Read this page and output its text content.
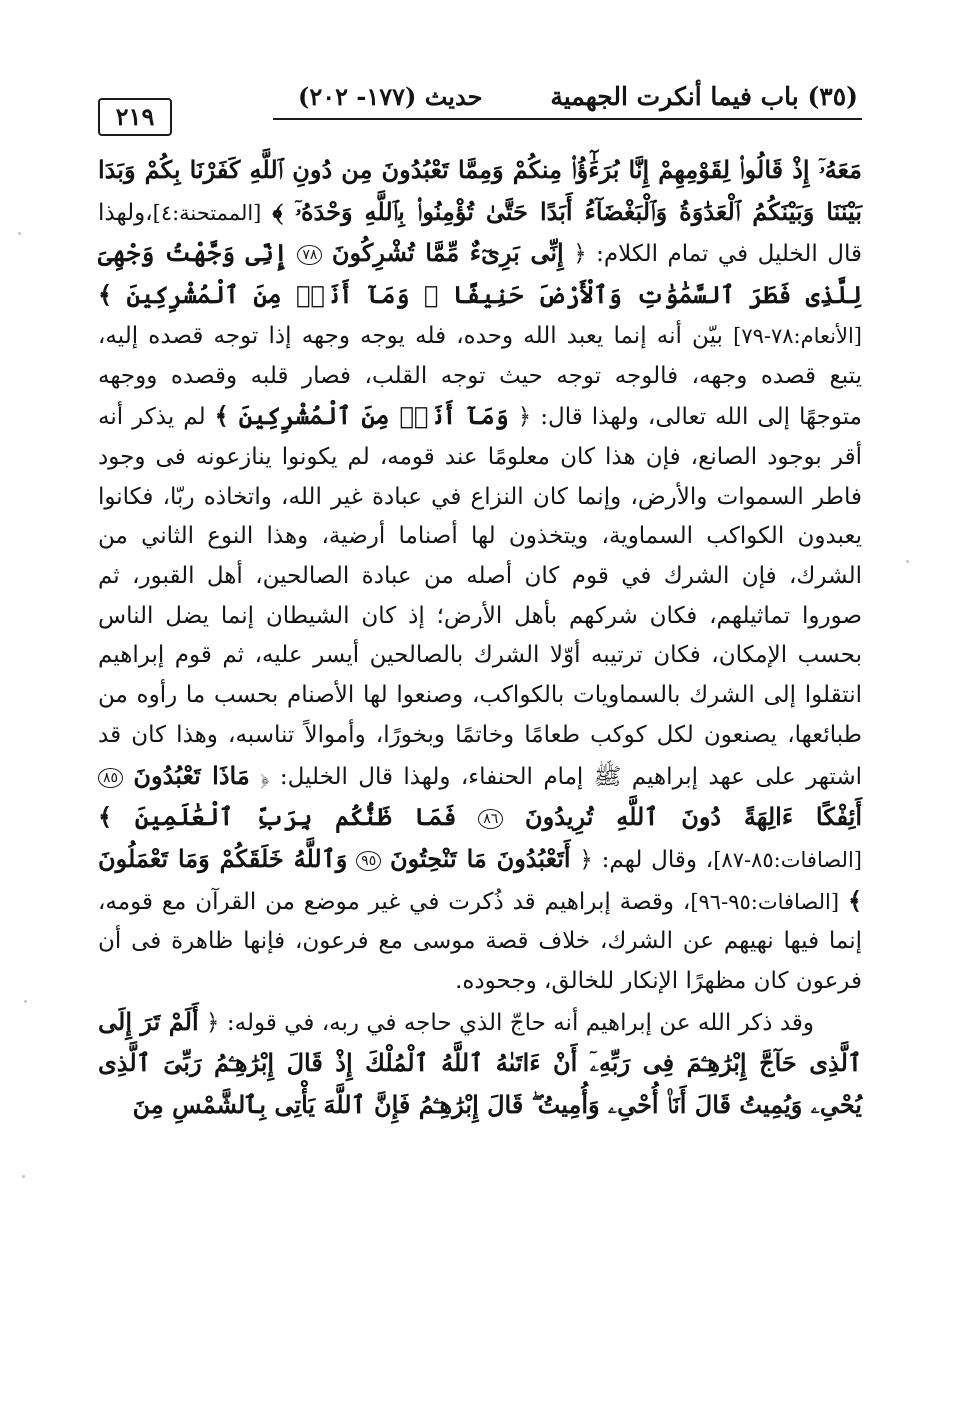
٢١٩
حديث (١٧٧- ٢٠٢)	(٣٥) باب فيما أنكرت الجهمية

مَعَهُۥٓ إِذْ قَالُوا۟ لِقَوْمِهِمْ إِنَّا بُرَءَٰٓؤُا۟ مِنكُمْ وَمِمَّا تَعْبُدُونَ مِن دُونِ ٱللَّهِ كَفَرْنَا بِكُمْ وَبَدَا بَيْنَنَا وَبَيْنَكُمُ ٱلْعَدَٰوَةُ وَٱلْبَغْضَآءُ أَبَدًا حَتَّىٰ تُؤْمِنُوا۟ بِٱللَّهِ وَحْدَهُۥٓ ﴾ [الممتحنة:٤]،ولهذا قال الخليل في تمام الكلام: ﴿ إِنِّى بَرِىٓءٌ مِّمَّا تُشْرِكُونَ ٧٨ إِنِّى وَجَّهْتُ وَجْهِىَ لِلَّذِى فَطَرَ ٱلسَّمَٰوَٰتِ وَٱلْأَرْضَ حَنِيفًا ۖ وَمَآ أَنَا۠ مِنَ ٱلْمُشْرِكِينَ ﴾ [الأنعام:٧٨-٧٩] بيّن أنه إنما يعبد الله وحده، فله يوجه وجهه إذا توجه قصده إليه، يتبع قصده وجهه، فالوجه توجه حيث توجه القلب، فصار قلبه وقصده ووجهه متوجهًا إلى الله تعالى، ولهذا قال: ﴿ وَمَآ أَنَا۠ مِنَ ٱلْمُشْرِكِينَ ﴾ لم يذكر أنه أقر بوجود الصانع، فإن هذا كان معلومًا عند قومه، لم يكونوا ينازعونه فى وجود فاطر السموات والأرض، وإنما كان النزاع في عبادة غير الله، واتخاذه ربّا، فكانوا يعبدون الكواكب السماوية، ويتخذون لها أصناما أرضية، وهذا النوع الثاني من الشرك، فإن الشرك في قوم كان أصله من عبادة الصالحين، أهل القبور، ثم صوروا تماثيلهم، فكان شركهم بأهل الأرض؛ إذ كان الشيطان إنما يضل الناس بحسب الإمكان، فكان ترتيبه أوّلا الشرك بالصالحين أيسر عليه، ثم قوم إبراهيم انتقلوا إلى الشرك بالسماويات بالكواكب، وصنعوا لها الأصنام بحسب ما رأوه من طبائعها، يصنعون لكل كوكب طعامًا وخاتمًا وبخورًا، وأموالاً تناسبه، وهذا كان قد اشتهر على عهد إبراهيم ﷺ إمام الحنفاء، ولهذا قال الخليل: ﴿ مَاذَا تَعْبُدُونَ ٨٥ أَئِفْكًا ءَالِهَةً دُونَ ٱللَّهِ تُرِيدُونَ ٨٦ فَمَا ظَنُّكُم بِرَبِّ ٱلْعَٰلَمِينَ ﴾ [الصافات:٨٥-٨٧]، وقال لهم: ﴿ أَتَعْبُدُونَ مَا تَنْحِتُونَ ٩٥ وَٱللَّهُ خَلَقَكُمْ وَمَا تَعْمَلُونَ ﴾ [الصافات:٩٥-٩٦]، وقصة إبراهيم قد ذُكرت في غير موضع من القرآن مع قومه، إنما فيها نهيهم عن الشرك، خلاف قصة موسى مع فرعون، فإنها ظاهرة فى أن فرعون كان مظهرًا الإنكار للخالق، وجحوده.

وقد ذكر الله عن إبراهيم أنه حاجّ الذي حاجه في ربه، في قوله: ﴿ أَلَمْ تَرَ إِلَى ٱلَّذِى حَآجَّ إِبْرَٰهِـۧمَ فِى رَبِّهِۦٓ أَنْ ءَاتَىٰهُ ٱللَّهُ ٱلْمُلْكَ إِذْ قَالَ إِبْرَٰهِـۧمُ رَبِّىَ ٱلَّذِى يُحْىِۦ وَيُمِيتُ قَالَ أَنَا۠ أُحْىِۦ وَأُمِيتُ ۖ قَالَ إِبْرَٰهِـۧمُ فَإِنَّ ٱللَّهَ يَأْتِى بِٱلشَّمْسِ مِنَ
